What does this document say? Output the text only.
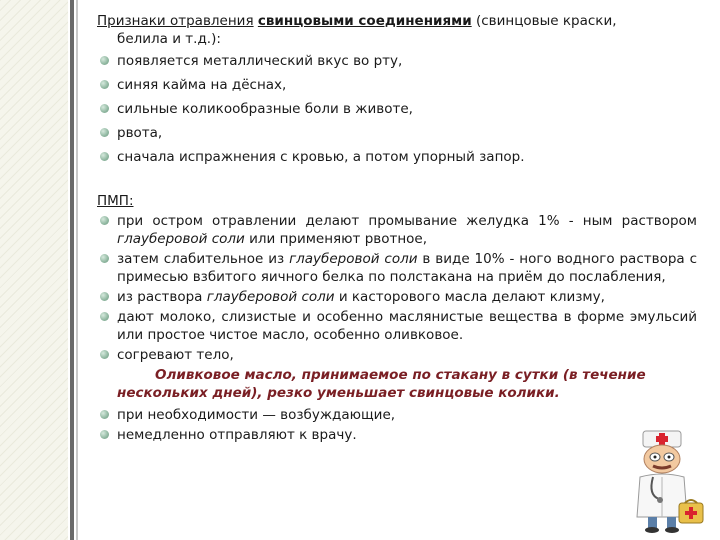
Признаки отравления свинцовыми соединениями (свинцовые краски,

белила и т.д.):

появляется металлический вкус во рту,
синяя кайма на дёснах,
сильные коликообразные боли в животе,
рвота,
сначала испражнения с кровью, а потом упорный запор.

ПМП:

при остром отравлении делают промывание желудка 1% - ным раствором глауберовой соли или применяют рвотное,
затем слабительное из глауберовой соли в виде 10% - ного водного раствора с примесью взбитого яичного белка по полстакана на приём до послабления,
из раствора глауберовой соли и касторового масла делают клизму,
дают молоко, слизистые и особенно маслянистые вещества в форме эмульсий или простое чистое масло, особенно оливковое.
согревают тело,
Оливковое масло, принимаемое по стакану в сутки (в течение
нескольких дней), резко уменьшает свинцовые колики.
при необходимости — возбуждающие,
немедленно отправляют к врачу.
